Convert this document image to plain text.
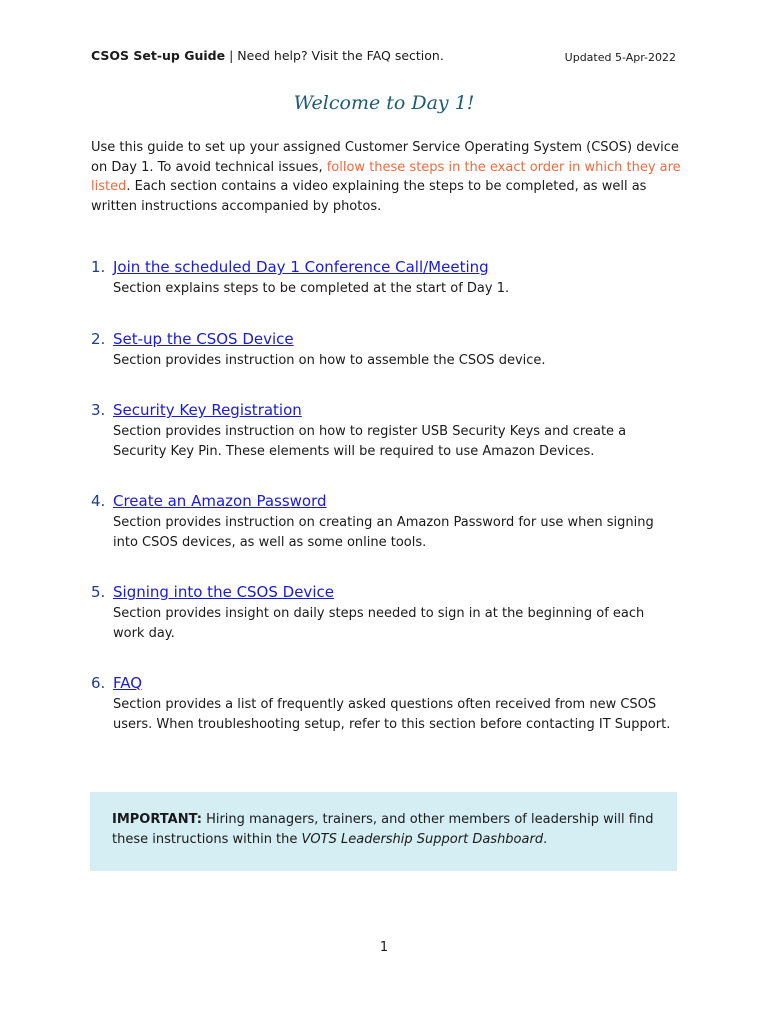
CSOS Set-up Guide | Need help? Visit the FAQ section.	Updated 5-Apr-2022
Welcome to Day 1!
Use this guide to set up your assigned Customer Service Operating System (CSOS) device on Day 1. To avoid technical issues, follow these steps in the exact order in which they are listed. Each section contains a video explaining the steps to be completed, as well as written instructions accompanied by photos.
1. Join the scheduled Day 1 Conference Call/Meeting
Section explains steps to be completed at the start of Day 1.
2. Set-up the CSOS Device
Section provides instruction on how to assemble the CSOS device.
3. Security Key Registration
Section provides instruction on how to register USB Security Keys and create a Security Key Pin. These elements will be required to use Amazon Devices.
4. Create an Amazon Password
Section provides instruction on creating an Amazon Password for use when signing into CSOS devices, as well as some online tools.
5. Signing into the CSOS Device
Section provides insight on daily steps needed to sign in at the beginning of each work day.
6. FAQ
Section provides a list of frequently asked questions often received from new CSOS users. When troubleshooting setup, refer to this section before contacting IT Support.
IMPORTANT: Hiring managers, trainers, and other members of leadership will find these instructions within the VOTS Leadership Support Dashboard.
1
